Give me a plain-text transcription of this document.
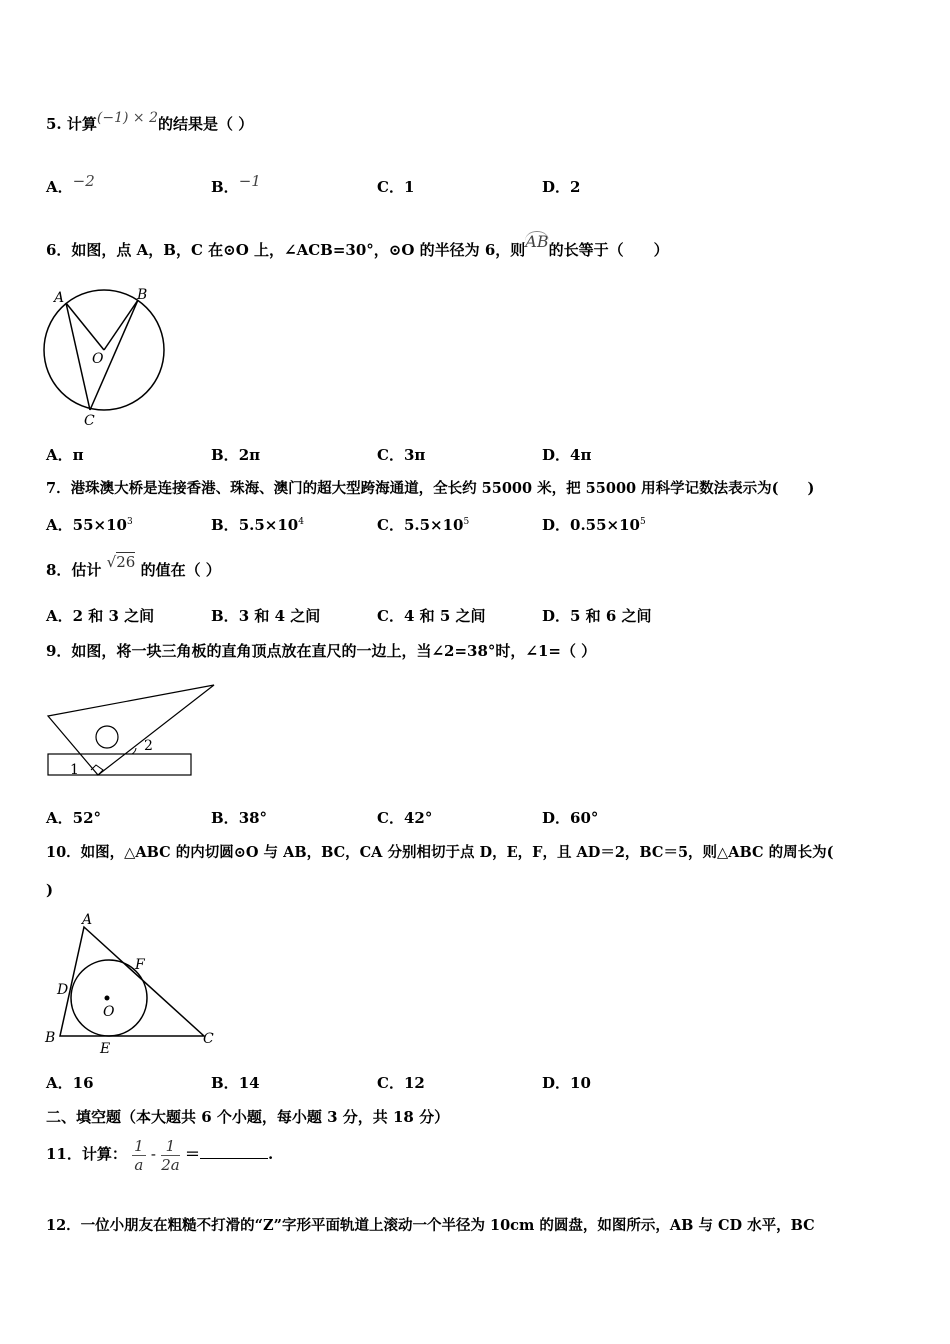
5. 计算(−1) × 2的结果是（ ）
A．−2	B．−1	C．1	D．2
6．如图，点 A，B，C 在⊙O 上，∠ACB=30°，⊙O 的半径为 6，则AB的长等于（　　）
A	B
O
C
A．π	B．2π	C．3π	D．4π
7．港珠澳大桥是连接香港、珠海、澳门的超大型跨海通道，全长约 55000 米，把 55000 用科学记数法表示为(　　)
A．$55\times 10^3$	B．$5.5\times 10^4$	C．$5.5\times 10^5$	D．$0.55\times 10^5$
8．估计 √26 的值在（ ）
A．2 和 3 之间	B．3 和 4 之间	C．4 和 5 之间	D．5 和 6 之间
9．如图，将一块三角板的直角顶点放在直尺的一边上，当∠2=38°时，∠1=（ ）
1
2
A．52°	B．38°	C．42°	D．60°
10．如图，△ABC 的内切圆⊙O 与 AB，BC，CA 分别相切于点 D，E，F，且 AD＝2，BC＝5，则△ABC 的周长为(
)
A
F
D
O
B
E
C
A．16	B．14	C．12	D．10
二、填空题（本大题共 6 个小题，每小题 3 分，共 18 分）
11．计算： $\frac{1}{a} - \frac{1}{2a}$ ＝	.
12．一位小朋友在粗糙不打滑的“Z”字形平面轨道上滚动一个半径为 10cm 的圆盘，如图所示，AB 与 CD 水平，BC
